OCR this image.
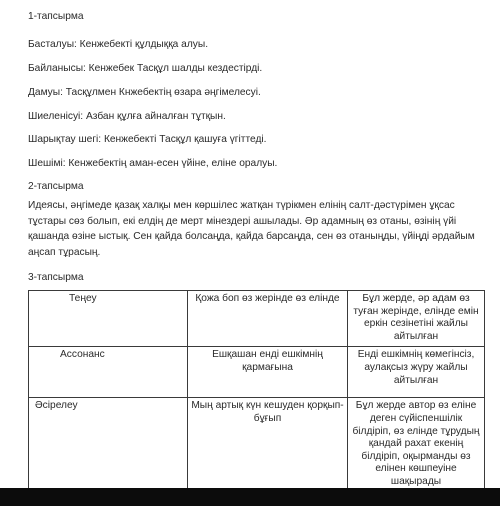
1-тапсырма
Басталуы: Кенжебекті құлдыққа алуы.
Байланысы: Кенжебек Тасқұл шалды кездестірді.
Дамуы: Тасқұлмен Кнжебектің өзара әңгімелесуі.
Шиеленісуі: Азбан құлға айналған тұтқын.
Шарықтау шегі: Кенжебекті Тасқұл қашуға үгіттеді.
Шешімі: Кенжебектің аман-есен үйіне, еліне оралуы.
2-тапсырма
Идеясы, әңгімеде қазақ халқы мен көршілес жатқан түрікмен елінің салт-дәстүрімен ұқсас тұстары сөз болып, екі елдің де мерт мінездері ашылады. Әр адамның өз отаны, өзінің үйі қашанда өзіне ыстық. Сен қайда болсаңда, қайда барсаңда, сен өз отаныңды, үйіңді әрдайым аңсап тұрасың.
3-тапсырма
Теңеу	Қожа боп өз жерінде өз елінде	Бұл жерде, әр адам өз туған жерінде, елінде емін еркін сезінетіні жайлы айтылған

Ассонанс	Ешқашан енді ешкімнің қармағына	Енді ешкімнің көмегінсіз, аулақсыз жүру жайлы айтылған

Әсірелеу	Мың артық күн кешуден қорқып-бұғып	Бұл жерде автор өз еліне деген сүйіспеншілік білдіріп, өз елінде тұрудың қандай рахат екенің білдіріп, оқырманды өз елінен көшпеуіне шақырады
